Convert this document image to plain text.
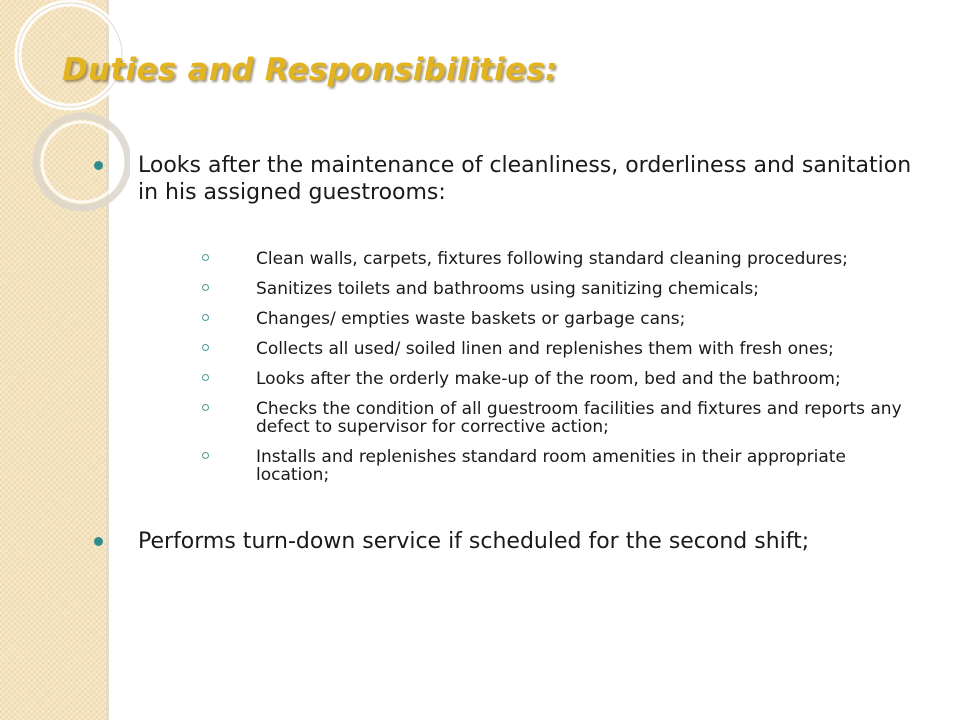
Duties and Responsibilities:
Looks after the maintenance of cleanliness, orderliness and sanitation in his assigned guestrooms:
Clean walls, carpets, fixtures following standard cleaning procedures;
Sanitizes toilets and bathrooms using sanitizing chemicals;
Changes/ empties waste baskets or garbage cans;
Collects all used/ soiled linen and replenishes them with fresh ones;
Looks after the orderly make-up of the room, bed and the bathroom;
Checks the condition of all guestroom facilities and fixtures and reports any defect to supervisor for corrective action;
Installs and replenishes standard room amenities in their appropriate location;
Performs turn-down service if scheduled for the second shift;
